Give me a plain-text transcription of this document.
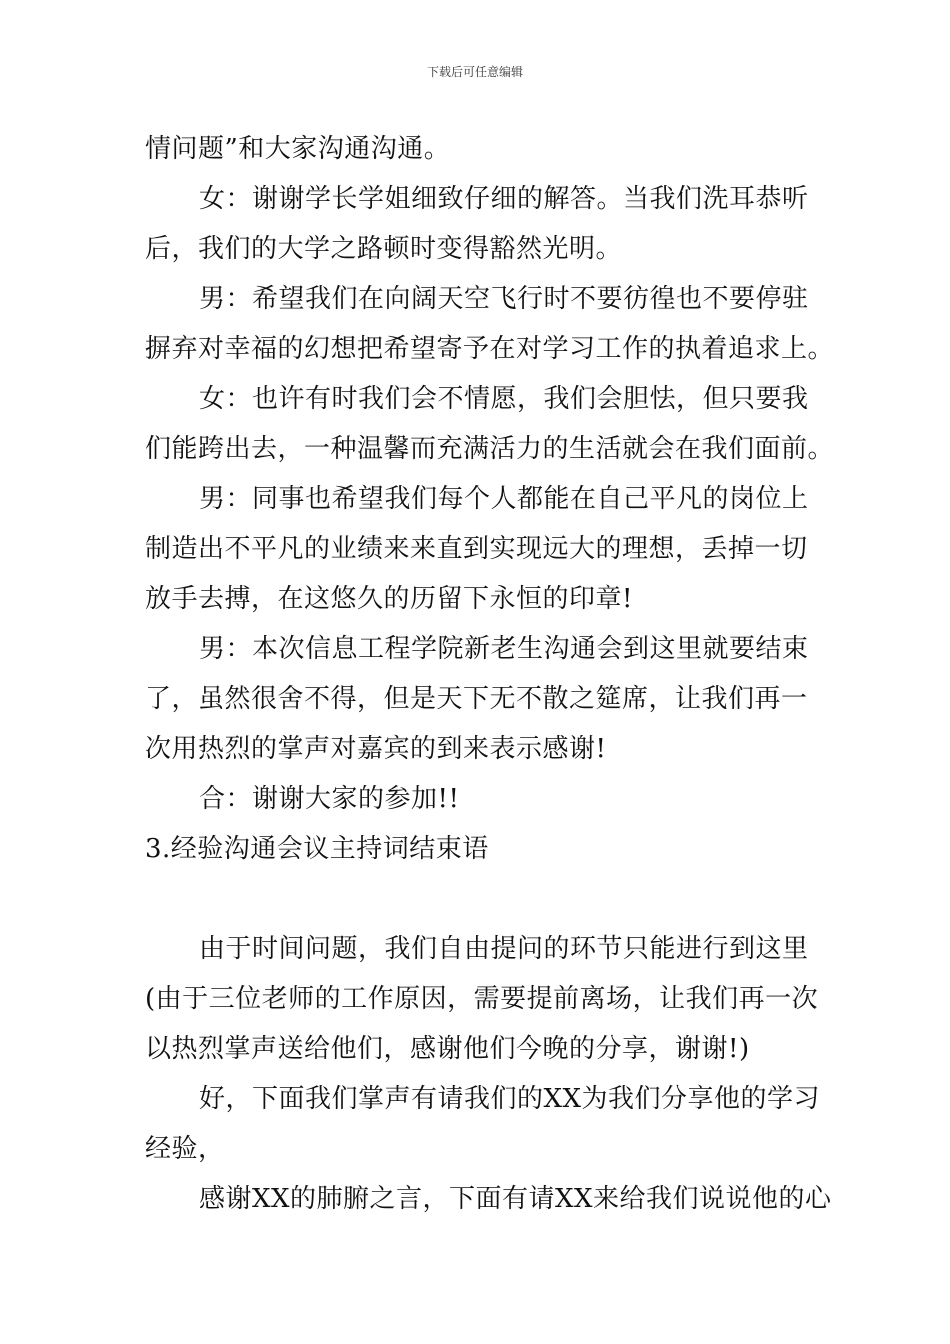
下载后可任意编辑
情问题”和大家沟通沟通。
女：谢谢学长学姐细致仔细的解答。当我们洗耳恭听
后，我们的大学之路顿时变得豁然光明。
男：希望我们在向阔天空飞行时不要彷徨也不要停驻
摒弃对幸福的幻想把希望寄予在对学习工作的执着追求上。
女：也许有时我们会不情愿，我们会胆怯，但只要我
们能跨出去，一种温馨而充满活力的生活就会在我们面前。
男：同事也希望我们每个人都能在自己平凡的岗位上
制造出不平凡的业绩来来直到实现远大的理想，丢掉一切
放手去搏，在这悠久的历留下永恒的印章!
男：本次信息工程学院新老生沟通会到这里就要结束
了，虽然很舍不得，但是天下无不散之筵席，让我们再一
次用热烈的掌声对嘉宾的到来表示感谢!
合：谢谢大家的参加!!
3.经验沟通会议主持词结束语
由于时间问题，我们自由提问的环节只能进行到这里
(由于三位老师的工作原因，需要提前离场，让我们再一次
以热烈掌声送给他们，感谢他们今晚的分享，谢谢!)
好，下面我们掌声有请我们的XX为我们分享他的学习
经验，
感谢XX的肺腑之言，下面有请XX来给我们说说他的心
